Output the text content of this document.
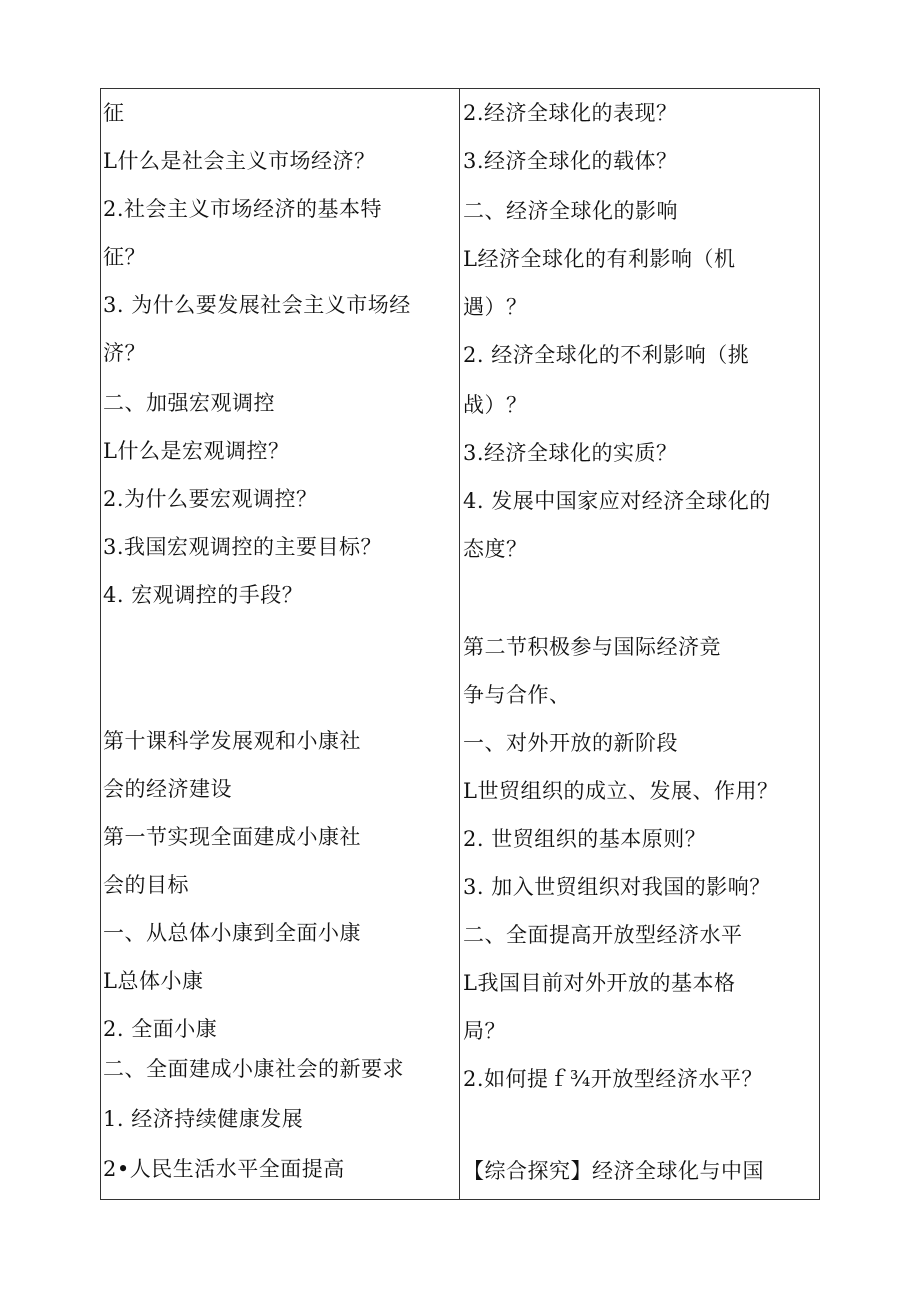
征
L什么是社会主义市场经济？
2.社会主义市场经济的基本特
征？
3. 为什么要发展社会主义市场经
济？
二、加强宏观调控
L什么是宏观调控？
2.为什么要宏观调控？
3.我国宏观调控的主要目标？
4. 宏观调控的手段？
第十课科学发展观和小康社
会的经济建设
第一节实现全面建成小康社
会的目标
一、从总体小康到全面小康
L总体小康
2. 全面小康
二、全面建成小康社会的新要求
1. 经济持续健康发展
2•人民生活水平全面提高
2.经济全球化的表现？
3.经济全球化的载体？
二、经济全球化的影响
L经济全球化的有利影响（机
遇）？
2. 经济全球化的不利影响（挑
战）？
3.经济全球化的实质？
4. 发展中国家应对经济全球化的
态度？
第二节积极参与国际经济竞
争与合作、
一、对外开放的新阶段
L世贸组织的成立、发展、作用？
2. 世贸组织的基本原则？
3. 加入世贸组织对我国的影响？
二、全面提高开放型经济水平
L我国目前对外开放的基本格
局？
2.如何提ｆ¾开放型经济水平？
【综合探究】经济全球化与中国
